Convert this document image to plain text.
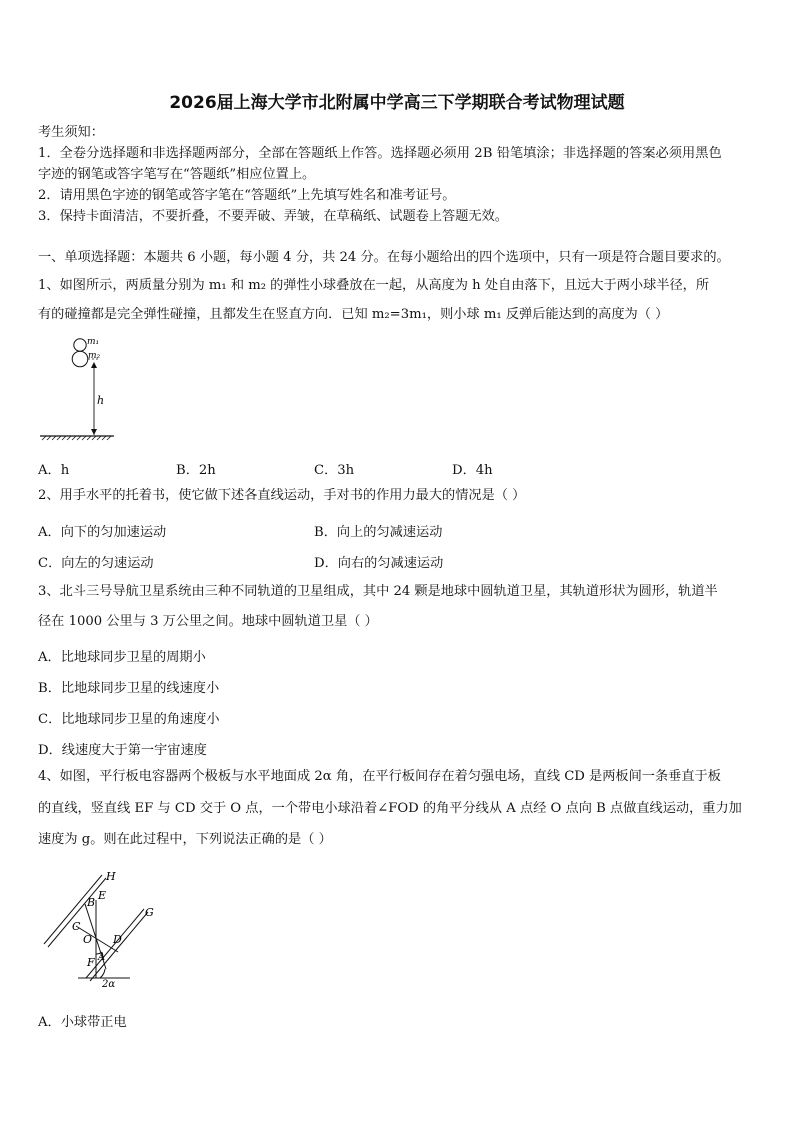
2026届上海大学市北附属中学高三下学期联合考试物理试题
考生须知：
1．全卷分选择题和非选择题两部分，全部在答题纸上作答。选择题必须用 2B 铅笔填涂；非选择题的答案必须用黑色
字迹的钢笔或答字笔写在“答题纸”相应位置上。
2．请用黑色字迹的钢笔或答字笔在“答题纸”上先填写姓名和准考证号。
3．保持卡面清洁，不要折叠，不要弄破、弄皱，在草稿纸、试题卷上答题无效。
一、单项选择题：本题共 6 小题，每小题 4 分，共 24 分。在每小题给出的四个选项中，只有一项是符合题目要求的。
1、如图所示，两质量分别为 m₁ 和 m₂ 的弹性小球叠放在一起，从高度为 h 处自由落下，且远大于两小球半径，所
有的碰撞都是完全弹性碰撞，且都发生在竖直方向．已知 m₂=3m₁，则小球 m₁ 反弹后能达到的高度为（ ）
m₁
m₂
h
A．h	B．2h	C．3h	D．4h
2、用手水平的托着书，使它做下述各直线运动，手对书的作用力最大的情况是（ ）
A．向下的匀加速运动	B．向上的匀减速运动
C．向左的匀速运动	D．向右的匀减速运动
3、北斗三号导航卫星系统由三种不同轨道的卫星组成，其中 24 颗是地球中圆轨道卫星，其轨道形状为圆形，轨道半
径在 1000 公里与 3 万公里之间。地球中圆轨道卫星（ ）
A．比地球同步卫星的周期小
B．比地球同步卫星的线速度小
C．比地球同步卫星的角速度小
D．线速度大于第一宇宙速度
4、如图，平行板电容器两个极板与水平地面成 2α 角，在平行板间存在着匀强电场，直线 CD 是两板间一条垂直于板
的直线，竖直线 EF 与 CD 交于 O 点，一个带电小球沿着∠FOD 的角平分线从 A 点经 O 点向 B 点做直线运动，重力加
速度为 g。则在此过程中，下列说法正确的是（ ）
H
G
B
E
C
O D
F A
2α
A．小球带正电
